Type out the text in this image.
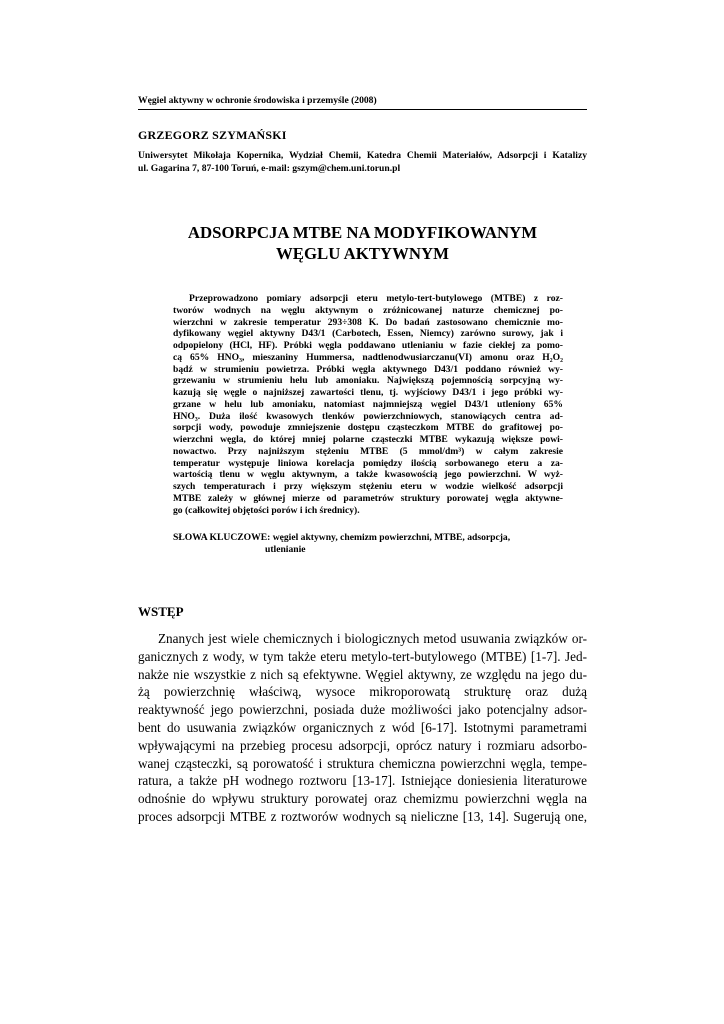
Węgiel aktywny w ochronie środowiska i przemyśle (2008)
GRZEGORZ SZYMAŃSKI
Uniwersytet Mikołaja Kopernika, Wydział Chemii, Katedra Chemii Materiałów, Adsorpcji i Katalizy
ul. Gagarina 7, 87-100 Toruń, e-mail: gszym@chem.uni.torun.pl
ADSORPCJA MTBE NA MODYFIKOWANYM
WĘGLU AKTYWNYM
Przeprowadzono pomiary adsorpcji eteru metylo-tert-butylowego (MTBE) z roz-
tworów wodnych na węglu aktywnym o zróżnicowanej naturze chemicznej po-
wierzchni w zakresie temperatur 293÷308 K. Do badań zastosowano chemicznie mo-
dyfikowany węgiel aktywny D43/1 (Carbotech, Essen, Niemcy) zarówno surowy, jak i
odpopielony (HCl, HF). Próbki węgla poddawano utlenianiu w fazie ciekłej za pomo-
cą 65% HNO₃, mieszaniny Hummersa, nadtlenodwusiarczanu(VI) amonu oraz H₂O₂
bądź w strumieniu powietrza. Próbki węgla aktywnego D43/1 poddano również wy-
grzewaniu w strumieniu helu lub amoniaku. Największą pojemnością sorpcyjną wy-
kazują się węgle o najniższej zawartości tlenu, tj. wyjściowy D43/1 i jego próbki wy-
grzane w helu lub amoniaku, natomiast najmniejszą węgiel D43/1 utleniony 65%
HNO₃. Duża ilość kwasowych tlenków powierzchniowych, stanowiących centra ad-
sorpcji wody, powoduje zmniejszenie dostępu cząsteczkom MTBE do grafitowej po-
wierzchni węgla, do której mniej polarne cząsteczki MTBE wykazują większe powi-
nowactwo. Przy najniższym stężeniu MTBE (5 mmol/dm³) w całym zakresie
temperatur występuje liniowa korelacja pomiędzy ilością sorbowanego eteru a za-
wartością tlenu w węglu aktywnym, a także kwasowością jego powierzchni. W wyż-
szych temperaturach i przy większym stężeniu eteru w wodzie wielkość adsorpcji
MTBE zależy w głównej mierze od parametrów struktury porowatej węgla aktywne-
go (całkowitej objętości porów i ich średnicy).
SŁOWA KLUCZOWE: węgiel aktywny, chemizm powierzchni, MTBE, adsorpcja,
utlenianie
WSTĘP
Znanych jest wiele chemicznych i biologicznych metod usuwania związków or-
ganicznych z wody, w tym także eteru metylo-tert-butylowego (MTBE) [1-7]. Jed-
nakże nie wszystkie z nich są efektywne. Węgiel aktywny, ze względu na jego du-
żą powierzchnię właściwą, wysoce mikroporowatą strukturę oraz dużą
reaktywność jego powierzchni, posiada duże możliwości jako potencjalny adsor-
bent do usuwania związków organicznych z wód [6-17]. Istotnymi parametrami
wpływającymi na przebieg procesu adsorpcji, oprócz natury i rozmiaru adsorbo-
wanej cząsteczki, są porowatość i struktura chemiczna powierzchni węgla, tempe-
ratura, a także pH wodnego roztworu [13-17]. Istniejące doniesienia literaturowe
odnośnie do wpływu struktury porowatej oraz chemizmu powierzchni węgla na
proces adsorpcji MTBE z roztworów wodnych są nieliczne [13, 14]. Sugerują one,
